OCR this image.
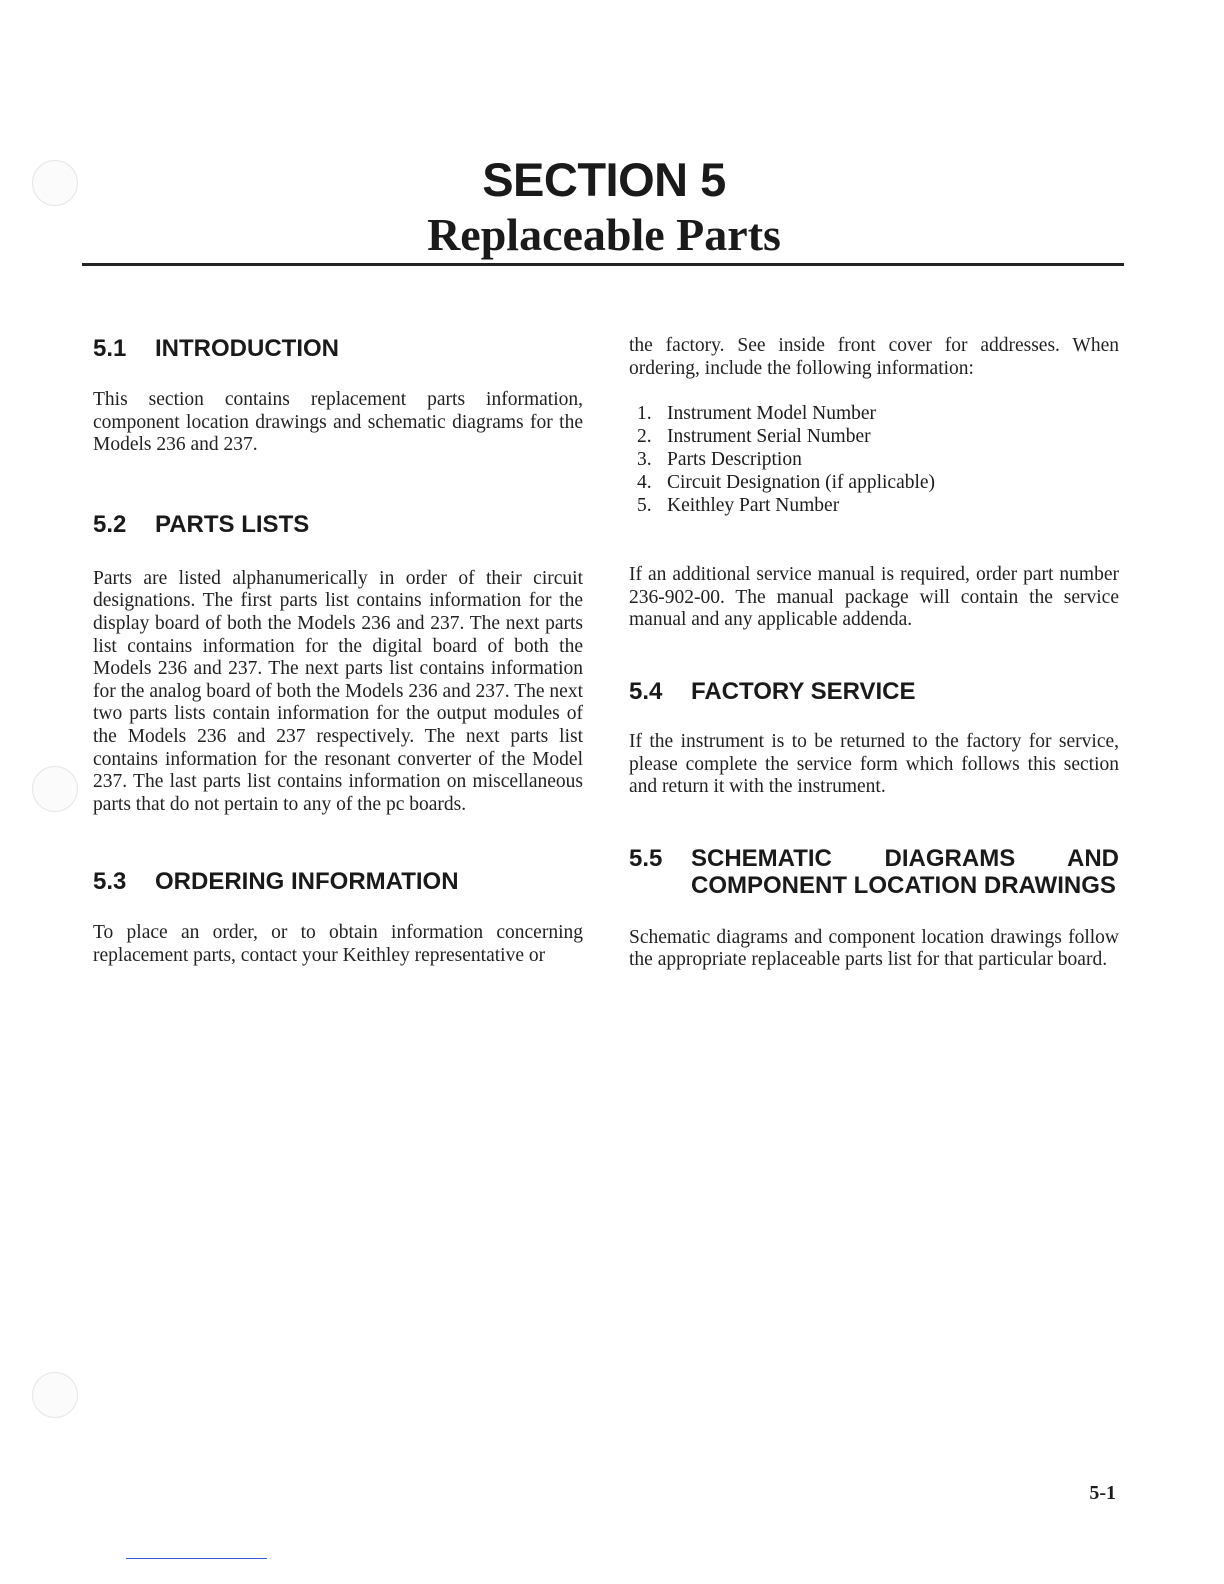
SECTION 5
Replaceable Parts
5.1	INTRODUCTION

This section contains replacement parts information, component location drawings and schematic diagrams for the Models 236 and 237.

5.2	PARTS LISTS

Parts are listed alphanumerically in order of their circuit designations. The first parts list contains information for the display board of both the Models 236 and 237. The next parts list contains information for the digital board of both the Models 236 and 237. The next parts list contains information for the analog board of both the Models 236 and 237. The next two parts lists contain information for the output modules of the Models 236 and 237 respectively. The next parts list contains information for the resonant converter of the Model 237. The last parts list contains information on miscellaneous parts that do not pertain to any of the pc boards.

5.3	ORDERING INFORMATION

To place an order, or to obtain information concerning replacement parts, contact your Keithley representative or

the factory. See inside front cover for addresses. When ordering, include the following information:

1. Instrument Model Number
2. Instrument Serial Number
3. Parts Description
4. Circuit Designation (if applicable)
5. Keithley Part Number

If an additional service manual is required, order part number 236-902-00. The manual package will contain the service manual and any applicable addenda.

5.4	FACTORY SERVICE

If the instrument is to be returned to the factory for service, please complete the service form which follows this section and return it with the instrument.

5.5	SCHEMATIC DIAGRAMS AND COMPONENT LOCATION DRAWINGS

Schematic diagrams and component location drawings follow the appropriate replaceable parts list for that particular board.

5-1
